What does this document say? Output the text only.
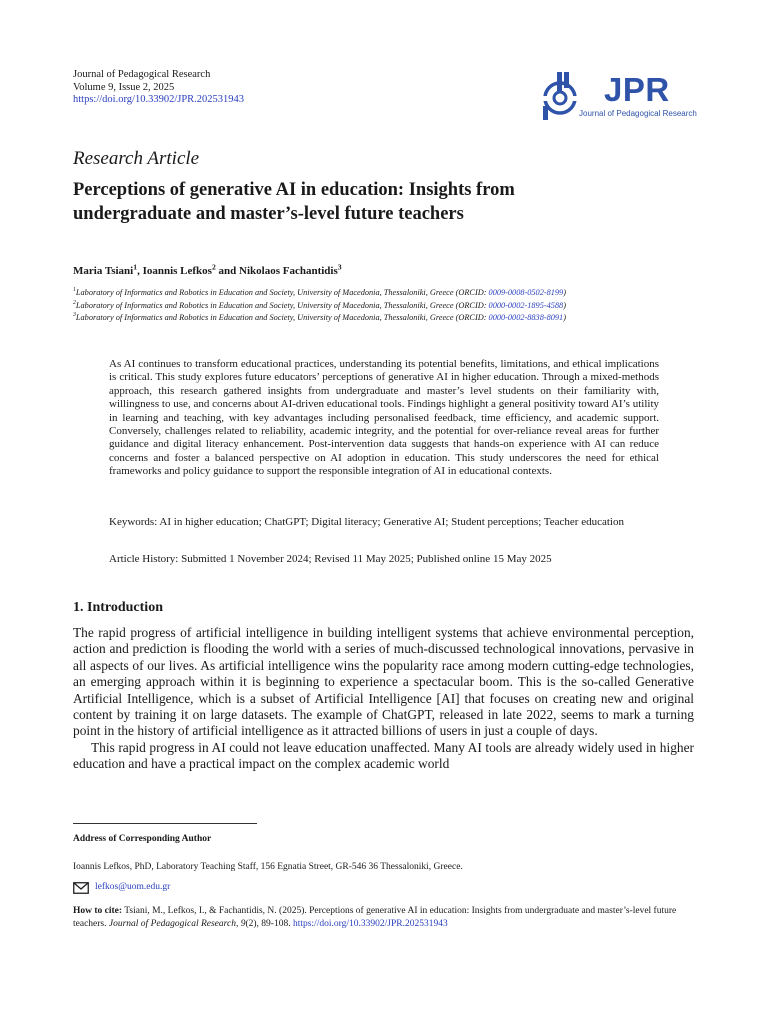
Journal of Pedagogical Research
Volume 9, Issue 2, 2025
https://doi.org/10.33902/JPR.202531943	JPR
Journal of Pedagogical Research
Research Article
Perceptions of generative AI in education: Insights from undergraduate and master’s-level future teachers
Maria Tsiani$^1$, Ioannis Lefkos$^2$ and Nikolaos Fachantidis$^3$
$^1$Laboratory of Informatics and Robotics in Education and Society, University of Macedonia, Thessaloniki, Greece (ORCID: 0009-0008-0502-8199)
$^2$Laboratory of Informatics and Robotics in Education and Society, University of Macedonia, Thessaloniki, Greece (ORCID: 0000-0002-1895-4588)
$^3$Laboratory of Informatics and Robotics in Education and Society, University of Macedonia, Thessaloniki, Greece (ORCID: 0000-0002-8838-8091)
As AI continues to transform educational practices, understanding its potential benefits, limitations, and ethical implications is critical. This study explores future educators’ perceptions of generative AI in higher education. Through a mixed-methods approach, this research gathered insights from undergraduate and master’s level students on their familiarity with, willingness to use, and concerns about AI-driven educational tools. Findings highlight a general positivity toward AI’s utility in learning and teaching, with key advantages including personalised feedback, time efficiency, and academic support. Conversely, challenges related to reliability, academic integrity, and the potential for over-reliance reveal areas for further guidance and digital literacy enhancement. Post-intervention data suggests that hands-on experience with AI can reduce concerns and foster a balanced perspective on AI adoption in education. This study underscores the need for ethical frameworks and policy guidance to support the responsible integration of AI in educational contexts.
Keywords: AI in higher education; ChatGPT; Digital literacy; Generative AI; Student perceptions; Teacher education
Article History: Submitted 1 November 2024; Revised 11 May 2025; Published online 15 May 2025
1. Introduction

The rapid progress of artificial intelligence in building intelligent systems that achieve environmental perception, action and prediction is flooding the world with a series of much-discussed technological innovations, pervasive in all aspects of our lives. As artificial intelligence wins the popularity race among modern cutting-edge technologies, an emerging approach within it is beginning to experience a spectacular boom. This is the so-called Generative Artificial Intelligence, which is a subset of Artificial Intelligence [AI] that focuses on creating new and original content by training it on large datasets. The example of ChatGPT, released in late 2022, seems to mark a turning point in the history of artificial intelligence as it attracted billions of users in just a couple of days.

This rapid progress in AI could not leave education unaffected. Many AI tools are already widely used in higher education and have a practical impact on the complex academic world

Address of Corresponding Author
Ioannis Lefkos, PhD, Laboratory Teaching Staff, 156 Egnatia Street, GR-546 36 Thessaloniki, Greece.
lefkos@uom.edu.gr
How to cite: Tsiani, M., Lefkos, I., & Fachantidis, N. (2025). Perceptions of generative AI in education: Insights from undergraduate and master’s-level future teachers. Journal of Pedagogical Research, 9(2), 89-108. https://doi.org/10.33902/JPR.202531943
